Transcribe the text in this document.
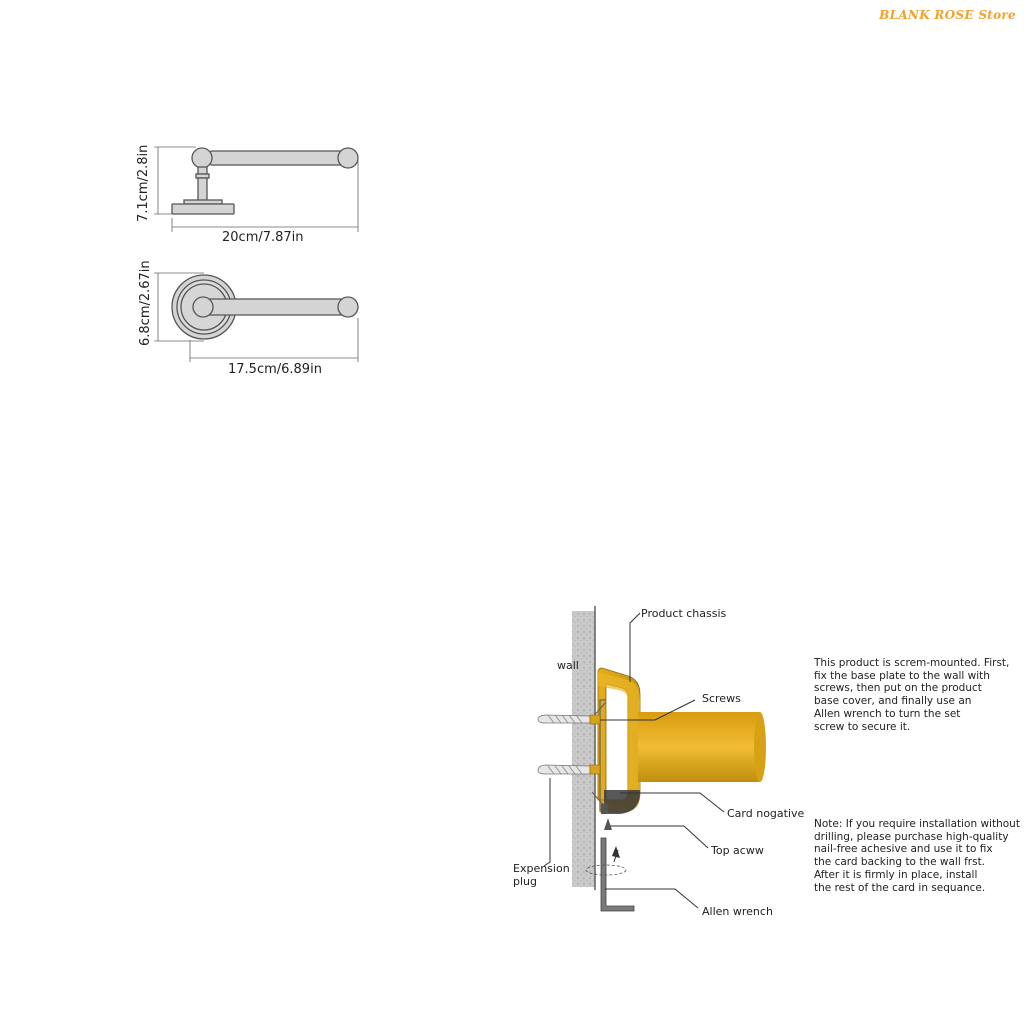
BLANK ROSE Store
7.1cm/2.8in
20cm/7.87in
6.8cm/2.67in
17.5cm/6.89in
wall
Product chassis
Screws
Card nogative
Top acww
Expension
plug
Allen wrench
This product is screm-mounted. First,
fix the base plate to the wall with
screws, then put on the product
base cover, and finally use an
Allen wrench to turn the set
screw to secure it.
Note: If you require installation without
drilling, please purchase high-quality
nail-free achesive and use it to fix
the card backing to the wall frst.
After it is firmly in place, install
the rest of the card in sequance.
